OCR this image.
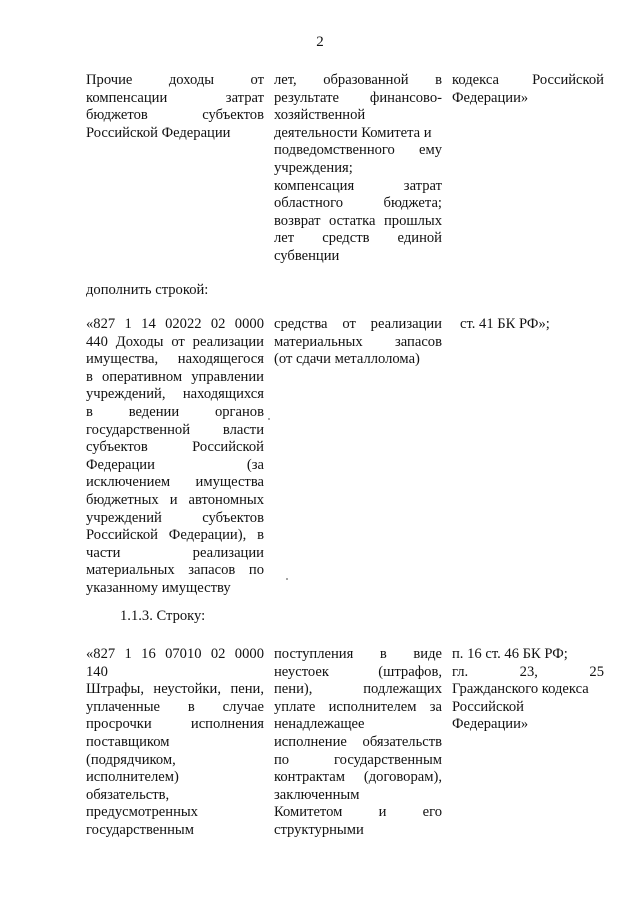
2
Прочие доходы от
компенсации затрат
бюджетов субъектов
Российской Федерации
лет, образованной в
результате финансово-
хозяйственной
деятельности Комитета и
подведомственного ему
учреждения;
компенсация затрат
областного бюджета;
возврат остатка прошлых
лет средств единой
субвенции
кодекса Российской
Федерации»
дополнить строкой:
«827 1 14 02022 02 0000
440 Доходы от реализации
имущества, находящегося
в оперативном управлении
учреждений, находящихся
в ведении органов
государственной власти
субъектов Российской
Федерации (за
исключением имущества
бюджетных и автономных
учреждений субъектов
Российской Федерации), в
части реализации
материальных запасов по
указанному имуществу
средства от реализации
материальных запасов
(от сдачи металлолома)
ст. 41 БК РФ»;
1.1.3. Строку:
«827 1 16 07010 02 0000
140
Штрафы, неустойки, пени,
уплаченные в случае
просрочки исполнения
поставщиком
(подрядчиком,
исполнителем)
обязательств,
предусмотренных
государственным
поступления в виде
неустоек (штрафов,
пени), подлежащих
уплате исполнителем за
ненадлежащее
исполнение обязательств
по государственным
контрактам (договорам),
заключенным
Комитетом и его
структурными
п. 16 ст. 46 БК РФ;
гл. 23, 25
Гражданского кодекса
Российской
Федерации»
